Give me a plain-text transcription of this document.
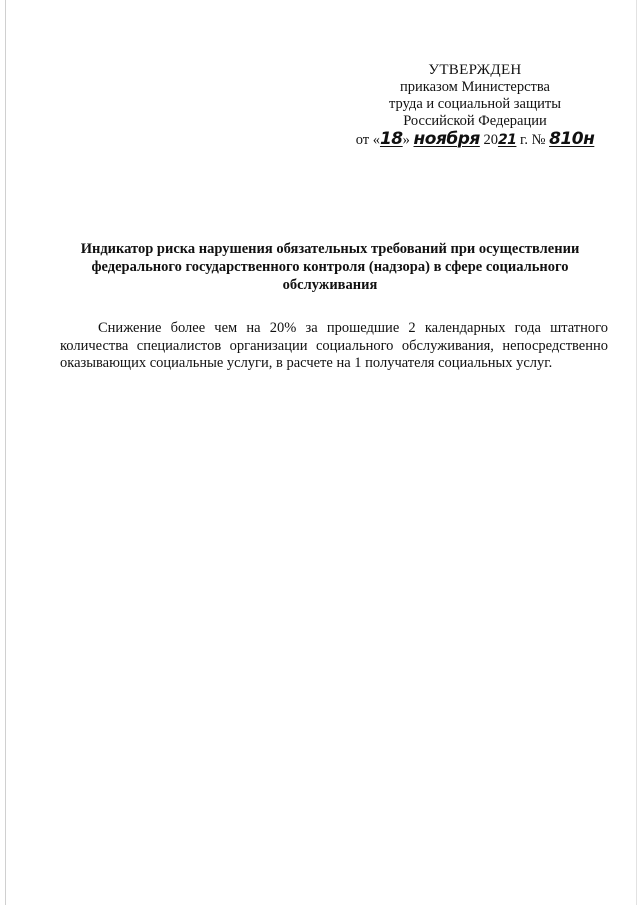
УТВЕРЖДЕН
приказом Министерства
труда и социальной защиты
Российской Федерации
от «18» ноября 2021 г. № 810н
Индикатор риска нарушения обязательных требований при осуществлении федерального государственного контроля (надзора) в сфере социального обслуживания
Снижение более чем на 20% за прошедшие 2 календарных года штатного количества специалистов организации социального обслуживания, непосредственно оказывающих социальные услуги, в расчете на 1 получателя социальных услуг.
